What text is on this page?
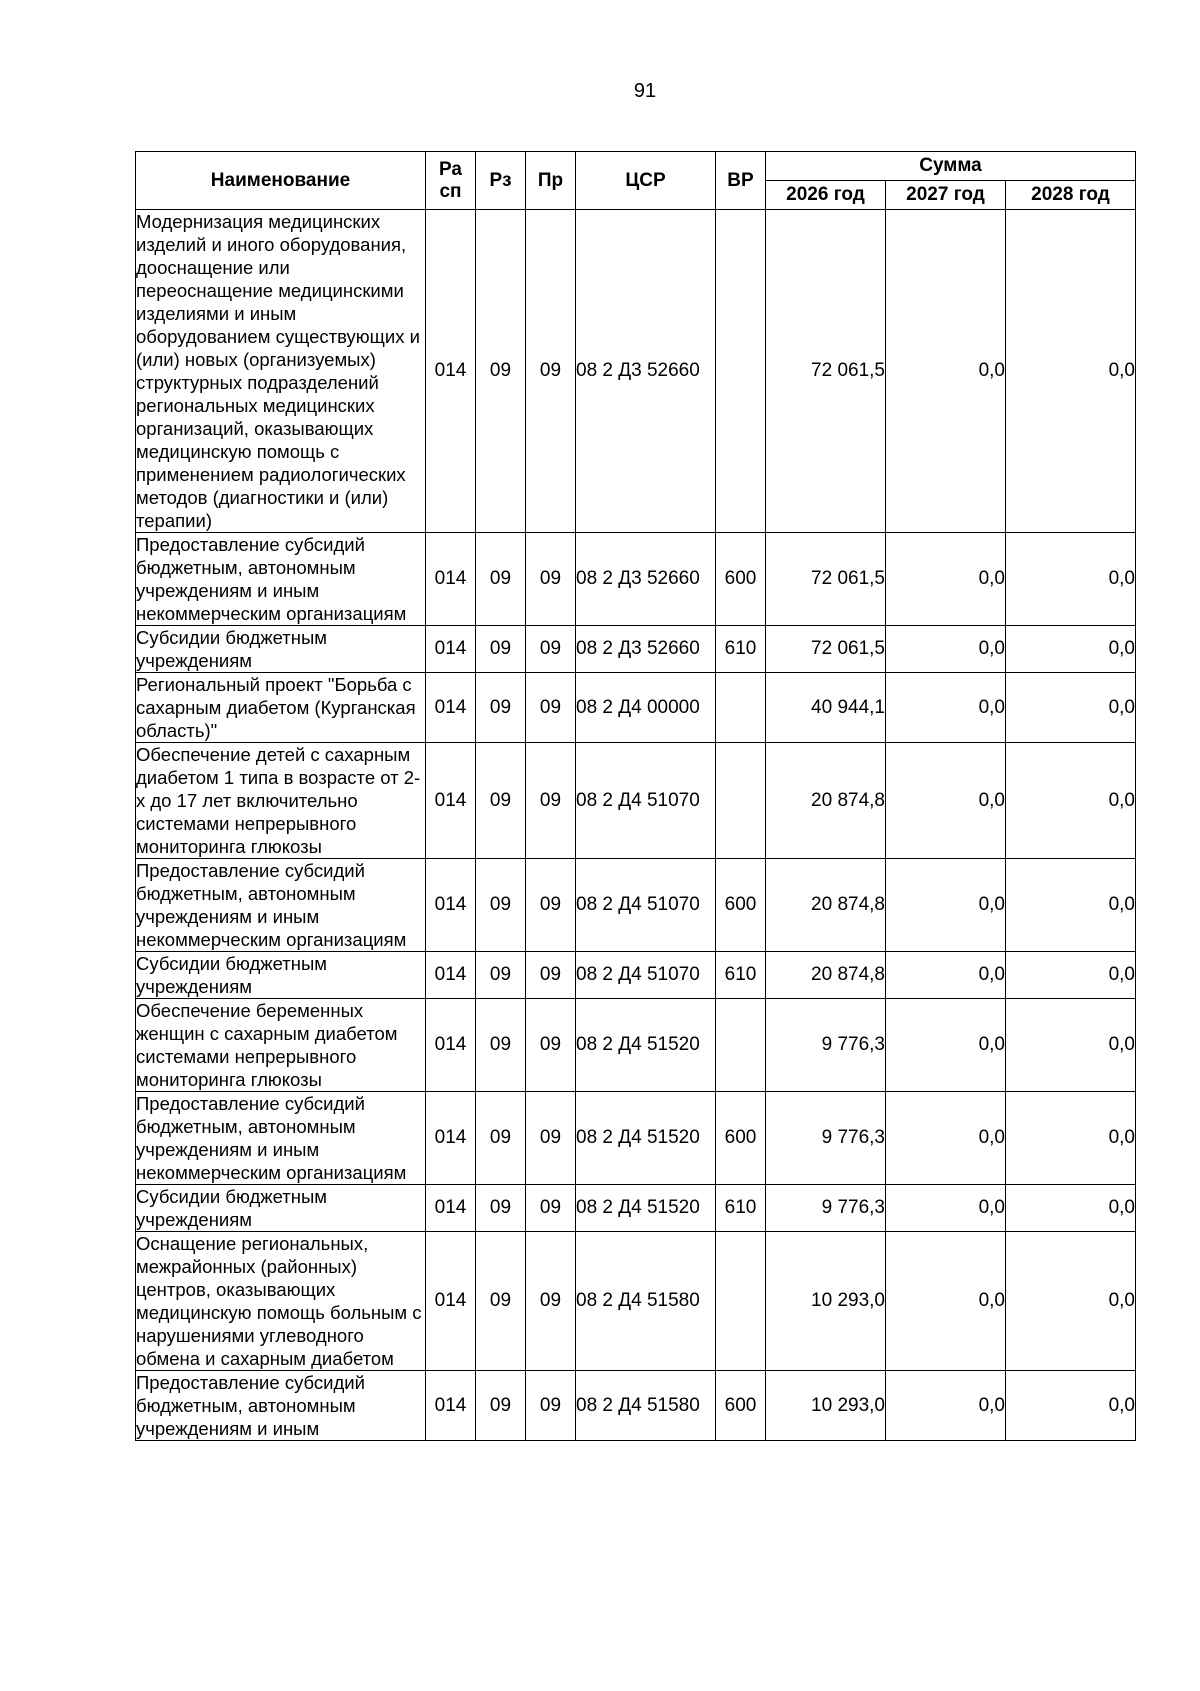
91
Наименование	Ра сп	Рз	Пр	ЦСР	ВР	Сумма		
						2026 год	2027 год	2028 год
Модернизация медицинских изделий и иного оборудования, дооснащение или переоснащение медицинскими изделиями и иным оборудованием существующих и (или) новых (организуемых) структурных подразделений региональных медицинских организаций, оказывающих медицинскую помощь с применением радиологических методов (диагностики и (или) терапии)	014	09	09	08 2 Д3 52660		72 061,5	0,0	0,0
Предоставление субсидий бюджетным, автономным учреждениям и иным некоммерческим организациям	014	09	09	08 2 Д3 52660	600	72 061,5	0,0	0,0
Субсидии бюджетным учреждениям	014	09	09	08 2 Д3 52660	610	72 061,5	0,0	0,0
Региональный проект "Борьба с сахарным диабетом (Курганская область)"	014	09	09	08 2 Д4 00000		40 944,1	0,0	0,0
Обеспечение детей с сахарным диабетом 1 типа в возрасте от 2-х до 17 лет включительно системами непрерывного мониторинга глюкозы	014	09	09	08 2 Д4 51070		20 874,8	0,0	0,0
Предоставление субсидий бюджетным, автономным учреждениям и иным некоммерческим организациям	014	09	09	08 2 Д4 51070	600	20 874,8	0,0	0,0
Субсидии бюджетным учреждениям	014	09	09	08 2 Д4 51070	610	20 874,8	0,0	0,0
Обеспечение беременных женщин с сахарным диабетом системами непрерывного мониторинга глюкозы	014	09	09	08 2 Д4 51520		9 776,3	0,0	0,0
Предоставление субсидий бюджетным, автономным учреждениям и иным некоммерческим организациям	014	09	09	08 2 Д4 51520	600	9 776,3	0,0	0,0
Субсидии бюджетным учреждениям	014	09	09	08 2 Д4 51520	610	9 776,3	0,0	0,0
Оснащение региональных, межрайонных (районных) центров, оказывающих медицинскую помощь больным с нарушениями углеводного обмена и сахарным диабетом	014	09	09	08 2 Д4 51580		10 293,0	0,0	0,0
Предоставление субсидий бюджетным, автономным учреждениям и иным	014	09	09	08 2 Д4 51580	600	10 293,0	0,0	0,0
